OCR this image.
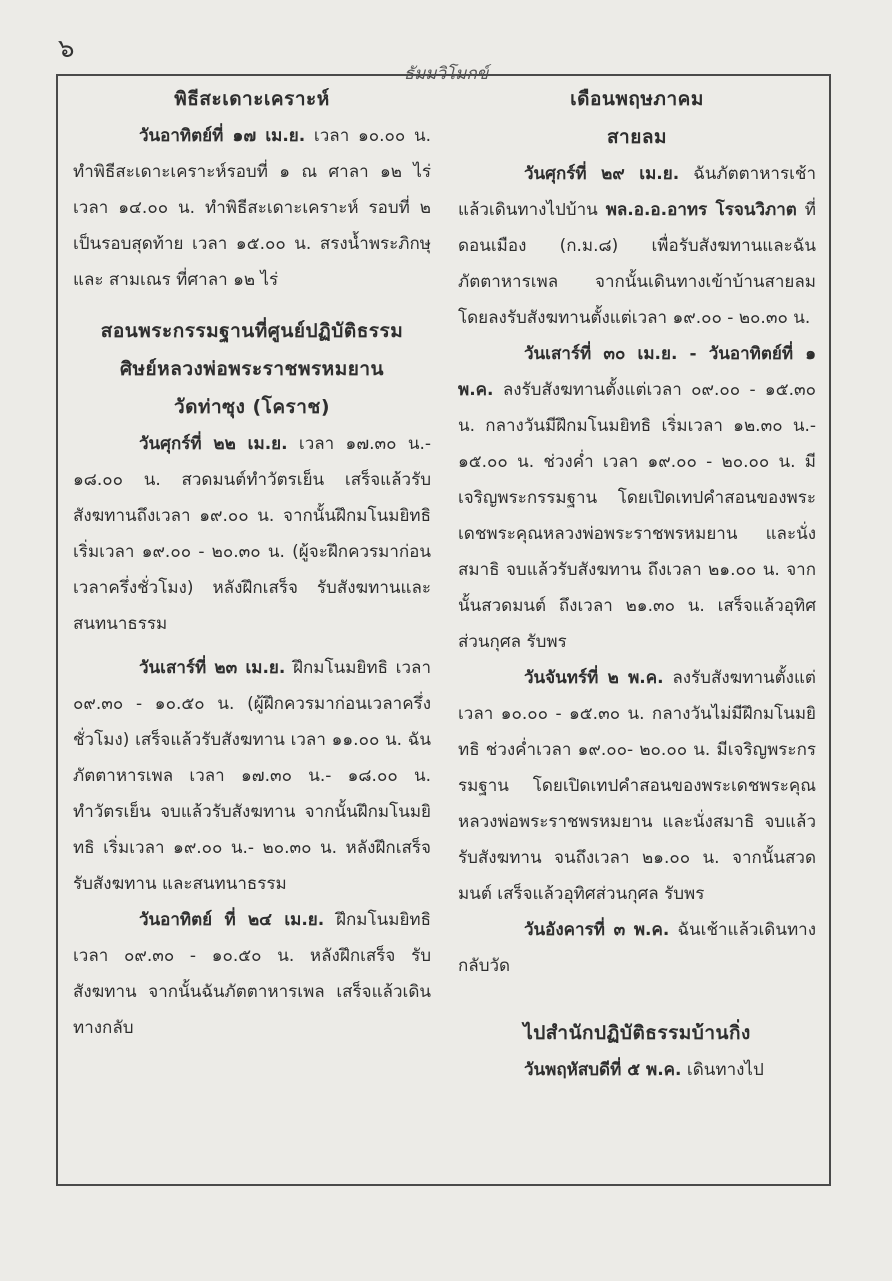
๖
ธัมมวิโมกข์
พิธีสะเดาะเคราะห์

วันอาทิตย์ที่ ๑๗ เม.ย. เวลา ๑๐.๐๐ น. ทำพิธีสะเดาะเคราะห์รอบที่ ๑ ณ ศาลา ๑๒ ไร่ เวลา ๑๔.๐๐ น. ทำพิธีสะเดาะเคราะห์ รอบที่ ๒ เป็นรอบสุดท้าย เวลา ๑๕.๐๐ น. สรงน้ำพระภิกษุ และ สามเณร ที่ศาลา ๑๒ ไร่

สอนพระกรรมฐานที่ศูนย์ปฏิบัติธรรม
ศิษย์หลวงพ่อพระราชพรหมยาน
วัดท่าซุง (โคราช)

วันศุกร์ที่ ๒๒ เม.ย. เวลา ๑๗.๓๐ น.- ๑๘.๐๐ น. สวดมนต์ทำวัตรเย็น เสร็จแล้วรับสังฆทานถึงเวลา ๑๙.๐๐ น. จากนั้นฝึกมโนมยิทธิ เริ่มเวลา ๑๙.๐๐ - ๒๐.๓๐ น. (ผู้จะฝึกควรมาก่อนเวลาครึ่งชั่วโมง) หลังฝึกเสร็จ รับสังฆทานและสนทนาธรรม

วันเสาร์ที่ ๒๓ เม.ย. ฝึกมโนมยิทธิ เวลา ๐๙.๓๐ - ๑๐.๕๐ น. (ผู้ฝึกควรมาก่อนเวลาครึ่งชั่วโมง) เสร็จแล้วรับสังฆทาน เวลา ๑๑.๐๐ น. ฉันภัตตาหารเพล เวลา ๑๗.๓๐ น.- ๑๘.๐๐ น. ทำวัตรเย็น จบแล้วรับสังฆทาน จากนั้นฝึกมโนมยิทธิ เริ่มเวลา ๑๙.๐๐ น.- ๒๐.๓๐ น. หลังฝึกเสร็จ รับสังฆทาน และสนทนาธรรม

วันอาทิตย์ ที่ ๒๔ เม.ย. ฝึกมโนมยิทธิ เวลา ๐๙.๓๐ - ๑๐.๕๐ น. หลังฝึกเสร็จ รับสังฆทาน จากนั้นฉันภัตตาหารเพล เสร็จแล้วเดินทางกลับ

เดือนพฤษภาคม
สายลม

วันศุกร์ที่ ๒๙ เม.ย. ฉันภัตตาหารเช้าแล้วเดินทางไปบ้าน พล.อ.อ.อาทร โรจนวิภาต ที่ดอนเมือง (ก.ม.๘) เพื่อรับสังฆทานและฉันภัตตาหารเพล จากนั้นเดินทางเข้าบ้านสายลม โดยลงรับสังฆทานตั้งแต่เวลา ๑๙.๐๐ - ๒๐.๓๐ น.

วันเสาร์ที่ ๓๐ เม.ย. - วันอาทิตย์ที่ ๑ พ.ค. ลงรับสังฆทานตั้งแต่เวลา ๐๙.๐๐ - ๑๕.๓๐ น. กลางวันมีฝึกมโนมยิทธิ เริ่มเวลา ๑๒.๓๐ น.- ๑๕.๐๐ น. ช่วงค่ำ เวลา ๑๙.๐๐ - ๒๐.๐๐ น. มีเจริญพระกรรมฐาน โดยเปิดเทปคำสอนของพระเดชพระคุณหลวงพ่อพระราชพรหมยาน และนั่งสมาธิ จบแล้วรับสังฆทาน ถึงเวลา ๒๑.๐๐ น. จากนั้นสวดมนต์ ถึงเวลา ๒๑.๓๐ น. เสร็จแล้วอุทิศส่วนกุศล รับพร

วันจันทร์ที่ ๒ พ.ค. ลงรับสังฆทานตั้งแต่เวลา ๑๐.๐๐ - ๑๕.๓๐ น. กลางวันไม่มีฝึกมโนมยิทธิ ช่วงค่ำเวลา ๑๙.๐๐- ๒๐.๐๐ น. มีเจริญพระกรรมฐาน โดยเปิดเทปคำสอนของพระเดชพระคุณหลวงพ่อพระราชพรหมยาน และนั่งสมาธิ จบแล้วรับสังฆทาน จนถึงเวลา ๒๑.๐๐ น. จากนั้นสวดมนต์ เสร็จแล้วอุทิศส่วนกุศล รับพร

วันอังคารที่ ๓ พ.ค. ฉันเช้าแล้วเดินทางกลับวัด

ไปสำนักปฏิบัติธรรมบ้านกิ่ง

วันพฤหัสบดีที่ ๕ พ.ค. เดินทางไป
